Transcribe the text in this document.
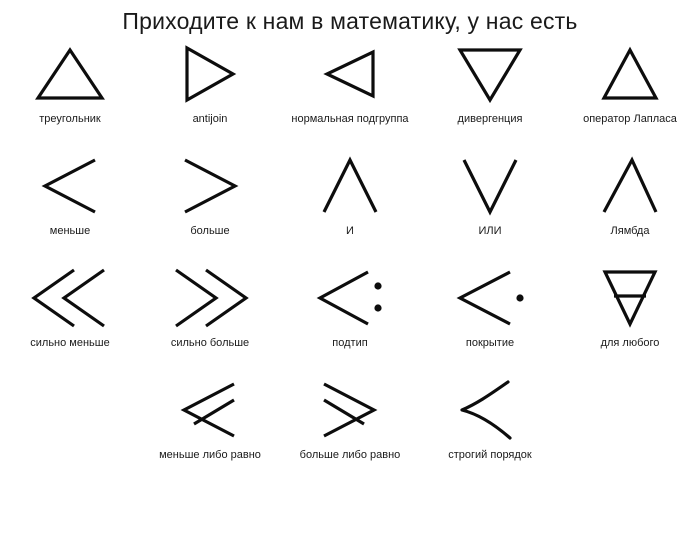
Приходите к нам в математику, у нас есть
треугольник	antijoin	нормальная подгруппа	дивергенция	оператор Лапласа
меньше	больше	И	ИЛИ	Лямбда
сильно меньше	сильно больше	подтип	покрытие	для любого
меньше либо равно	больше либо равно	строгий порядок
